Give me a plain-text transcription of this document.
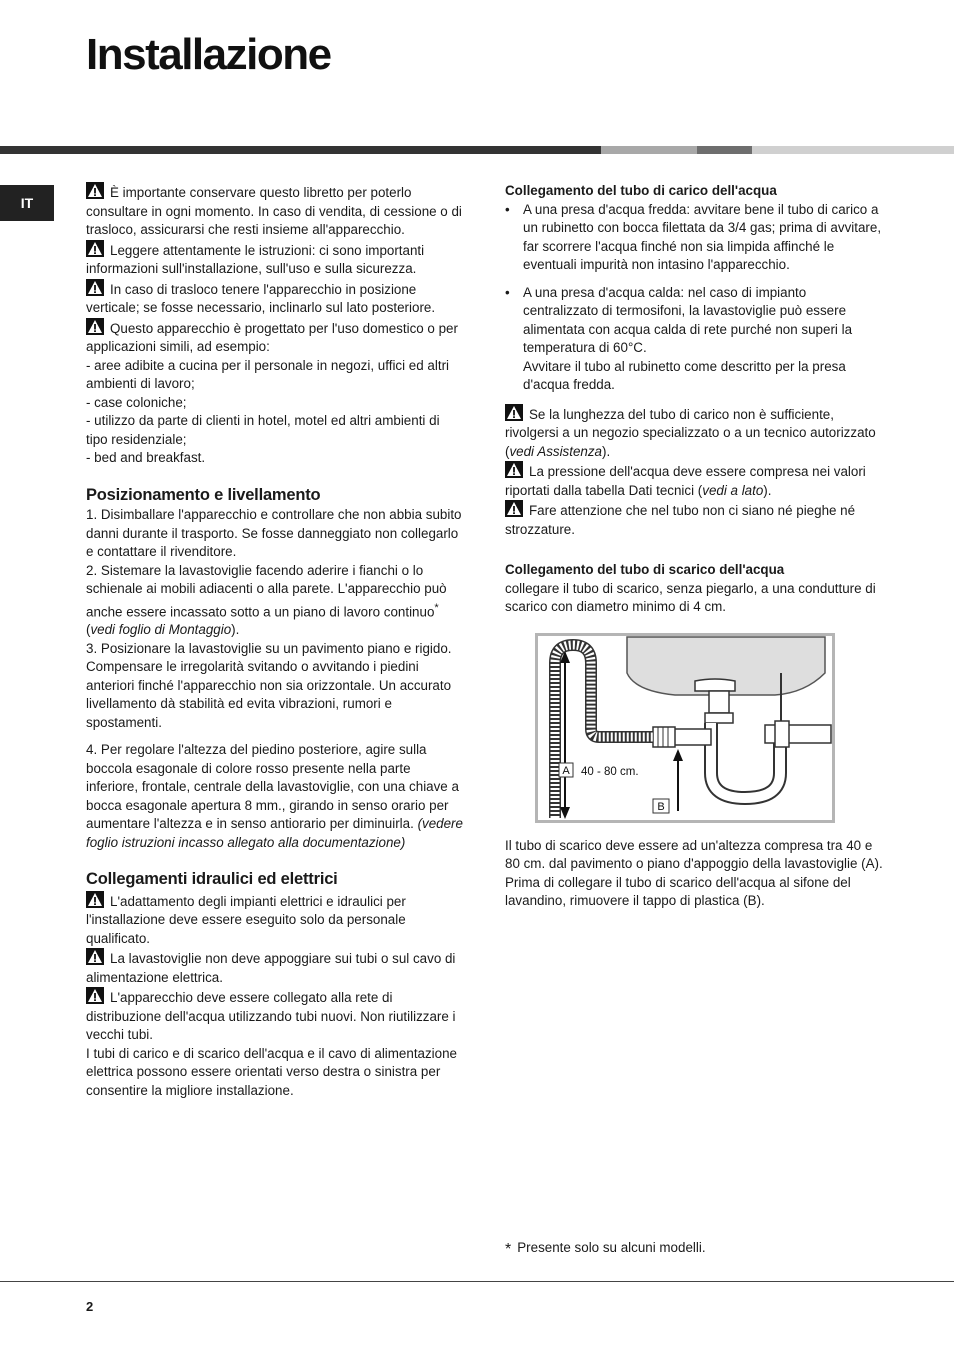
Installazione
IT

È importante conservare questo libretto per poterlo consultare in ogni momento. In caso di vendita, di cessione o di trasloco, assicurarsi che resti insieme all'apparecchio.

Leggere attentamente le istruzioni: ci sono importanti informazioni sull'installazione, sull'uso e sulla sicurezza.

In caso di trasloco tenere l'apparecchio in posizione verticale; se fosse necessario, inclinarlo sul lato posteriore.

Questo apparecchio è progettato per l'uso domestico o per applicazioni simili, ad esempio:

- aree adibite a cucina per il personale in negozi, uffici ed altri ambienti di lavoro;

- case coloniche;

- utilizzo da parte di clienti in hotel, motel ed altri ambienti di tipo residenziale;

- bed and breakfast.

Posizionamento e livellamento

1. Disimballare l'apparecchio e controllare che non abbia subito danni durante il trasporto. Se fosse danneggiato non collegarlo e contattare il rivenditore.

2. Sistemare la lavastoviglie facendo aderire i fianchi o lo schienale ai mobili adiacenti o alla parete. L'apparecchio può anche essere incassato sotto a un piano di lavoro continuo* (vedi foglio di Montaggio).

3. Posizionare la lavastoviglie su un pavimento piano e rigido. Compensare le irregolarità svitando o avvitando i piedini anteriori finché l'apparecchio non sia orizzontale. Un accurato livellamento dà stabilità ed evita vibrazioni, rumori e spostamenti.

4. Per regolare l'altezza del piedino posteriore, agire sulla boccola esagonale di colore rosso presente nella parte inferiore, frontale, centrale della lavastoviglie, con una chiave a bocca esagonale apertura 8 mm., girando in senso orario per aumentare l'altezza e in senso antiorario per diminuirla. (vedere foglio istruzioni incasso allegato alla documentazione)

Collegamenti idraulici ed elettrici

L'adattamento degli impianti elettrici e idraulici per l'installazione deve essere eseguito solo da personale qualificato.

La lavastoviglie non deve appoggiare sui tubi o sul cavo di alimentazione elettrica.

L'apparecchio deve essere collegato alla rete di distribuzione dell'acqua utilizzando tubi nuovi. Non riutilizzare i vecchi tubi.

I tubi di carico e di scarico dell'acqua e il cavo di alimentazione elettrica possono essere orientati verso destra o sinistra per consentire la migliore installazione.

Collegamento del tubo di carico dell'acqua

• A una presa d'acqua fredda: avvitare bene il tubo di carico a un rubinetto con bocca filettata da 3/4 gas; prima di avvitare, far scorrere l'acqua finché non sia limpida affinché le eventuali impurità non intasino l'apparecchio.
• A una presa d'acqua calda: nel caso di impianto centralizzato di termosifoni, la lavastoviglie può essere alimentata con acqua calda di rete purché non superi la temperatura di 60°C.
Avvitare il tubo al rubinetto come descritto per la presa d'acqua fredda.

Se la lunghezza del tubo di carico non è sufficiente, rivolgersi a un negozio specializzato o a un tecnico autorizzato (vedi Assistenza).

La pressione dell'acqua deve essere compresa nei valori riportati dalla tabella Dati tecnici (vedi a lato).

Fare attenzione che nel tubo non ci siano né pieghe né strozzature.

Collegamento del tubo di scarico dell'acqua

collegare il tubo di scarico, senza piegarlo, a una condutture di scarico con diametro minimo di 4 cm.

A 40 - 80 cm.
B

Il tubo di scarico deve essere ad un'altezza compresa tra 40 e 80 cm. dal pavimento o piano d'appoggio della lavastoviglie (A).

Prima di collegare il tubo di scarico dell'acqua al sifone del lavandino, rimuovere il tappo di plastica (B).

* Presente solo su alcuni modelli.
2
